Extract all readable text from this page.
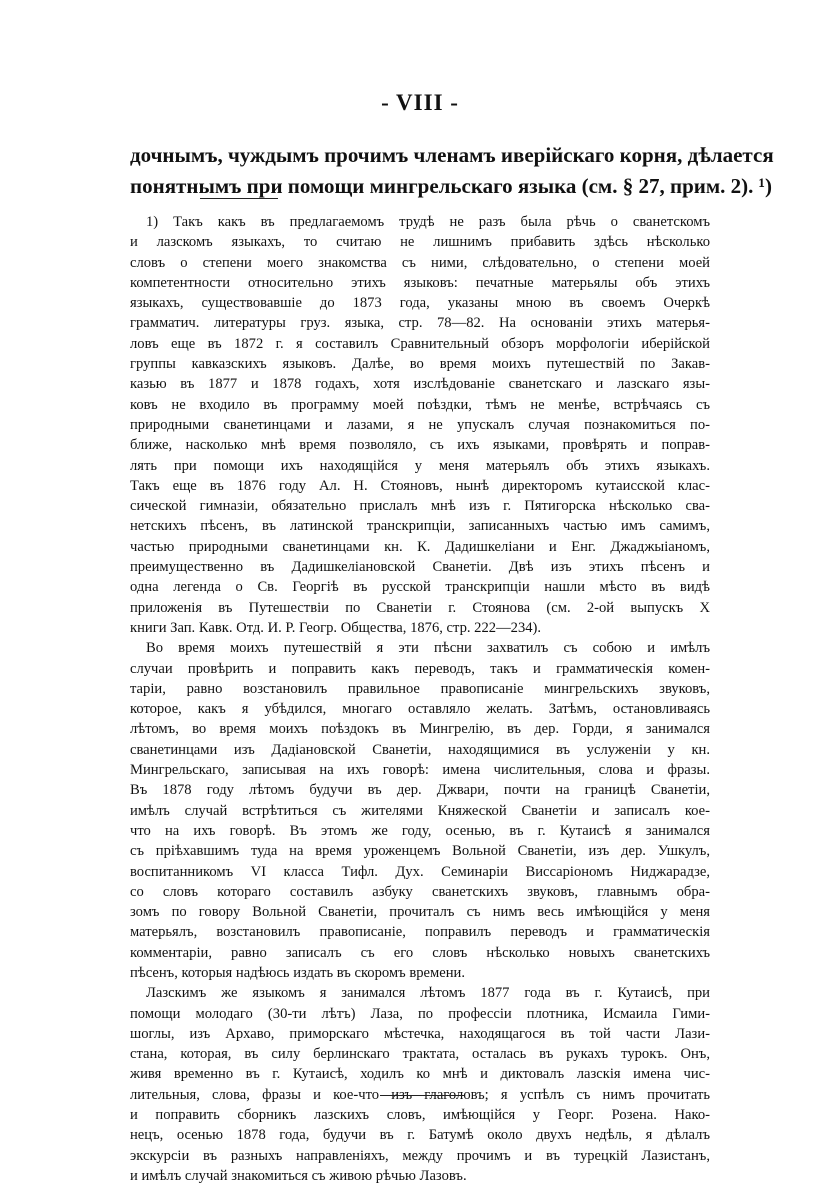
- VIII -
дочнымъ, чуждымъ прочимъ членамъ иверійскаго корня, дѣлается
понятнымъ при помощи мингрельскаго языка (см. § 27, прим. 2). ¹)
1) Такъ какъ въ предлагаемомъ трудѣ не разъ была рѣчь о сванетскомъ
и лазскомъ языкахъ, то считаю не лишнимъ прибавить здѣсь нѣсколько
словъ о степени моего знакомства съ ними, слѣдовательно, о степени моей
компетентности относительно этихъ языковъ: печатные матерьялы объ этихъ
языкахъ, существовавшіе до 1873 года, указаны мною въ своемъ Очеркѣ
грамматич. литературы груз. языка, стр. 78—82. На основаніи этихъ матерья-
ловъ еще въ 1872 г. я составилъ Сравнительный обзоръ морфологіи иберійской
группы кавказскихъ языковъ. Далѣе, во время моихъ путешествій по Закав-
казью въ 1877 и 1878 годахъ, хотя изслѣдованіе сванетскаго и лазскаго язы-
ковъ не входило въ программу моей поѣздки, тѣмъ не менѣе, встрѣчаясь съ
природными сванетинцами и лазами, я не упускалъ случая познакомиться по-
ближе, насколько мнѣ время позволяло, съ ихъ языками, провѣрять и поправ-
лять при помощи ихъ находящійся у меня матерьялъ объ этихъ языкахъ.
Такъ еще въ 1876 году Ал. Н. Стояновъ, нынѣ директоромъ кутаисской клас-
сической гимназіи, обязательно прислалъ мнѣ изъ г. Пятигорска нѣсколько сва-
нетскихъ пѣсенъ, въ латинской транскрипціи, записанныхъ частью имъ самимъ,
частью природными сванетинцами кн. К. Дадишкеліани и Енг. Джаджыіаномъ,
преимущественно въ Дадишкеліановской Сванетіи. Двѣ изъ этихъ пѣсенъ и
одна легенда о Св. Георгіѣ въ русской транскрипціи нашли мѣсто въ видѣ
приложенія въ Путешествіи по Сванетіи г. Стоянова (см. 2-ой выпускъ X
книги Зап. Кавк. Отд. И. Р. Геогр. Общества, 1876, стр. 222—234).
Во время моихъ путешествій я эти пѣсни захватилъ съ собою и имѣлъ
случаи провѣрить и поправить какъ переводъ, такъ и грамматическія комен-
таріи, равно возстановилъ правильное правописаніе мингрельскихъ звуковъ,
которое, какъ я убѣдился, многаго оставляло желать. Затѣмъ, остановливаясь
лѣтомъ, во время моихъ поѣздокъ въ Мингрелію, въ дер. Горди, я занимался
сванетинцами изъ Дадіановской Сванетіи, находящимися въ услуженіи у кн.
Мингрельскаго, записывая на ихъ говорѣ: имена числительныя, слова и фразы.
Въ 1878 году лѣтомъ будучи въ дер. Джвари, почти на границѣ Сванетіи,
имѣлъ случай встрѣтиться съ жителями Княжеской Сванетіи и записалъ кое-
что на ихъ говорѣ. Въ этомъ же году, осенью, въ г. Кутаисѣ я занимался
съ пріѣхавшимъ туда на время уроженцемъ Вольной Сванетіи, изъ дер. Ушкулъ,
воспитанникомъ VI класса Тифл. Дух. Семинаріи Виссаріономъ Ниджарадзе,
со словъ котораго составилъ азбуку сванетскихъ звуковъ, главнымъ обра-
зомъ по говору Вольной Сванетіи, прочиталъ съ нимъ весь имѣющійся у меня
матерьялъ, возстановилъ правописаніе, поправилъ переводъ и грамматическія
комментаріи, равно записалъ съ его словъ нѣсколько новыхъ сванетскихъ
пѣсенъ, которыя надѣюсь издать въ скоромъ времени.
Лазскимъ же языкомъ я занимался лѣтомъ 1877 года въ г. Кутаисѣ, при
помощи молодаго (30-ти лѣтъ) Лаза, по профессіи плотника, Исмаила Гими-
шоглы, изъ Архаво, приморскаго мѣстечка, находящагося въ той части Лази-
стана, которая, въ силу берлинскаго трактата, осталась въ рукахъ турокъ. Онъ,
живя временно въ г. Кутаисѣ, ходилъ ко мнѣ и диктовалъ лазскія имена чис-
лительныя, слова, фразы и кое-что изъ глаголовъ; я успѣлъ съ нимъ прочитать
и поправить сборникъ лазскихъ словъ, имѣющійся у Георг. Розена. Нако-
нецъ, осенью 1878 года, будучи въ г. Батумѣ около двухъ недѣль, я дѣлалъ
экскурсіи въ разныхъ направленіяхъ, между прочимъ и въ турецкій Лазистанъ,
и имѣлъ случай знакомиться съ живою рѣчью Лазовъ.
